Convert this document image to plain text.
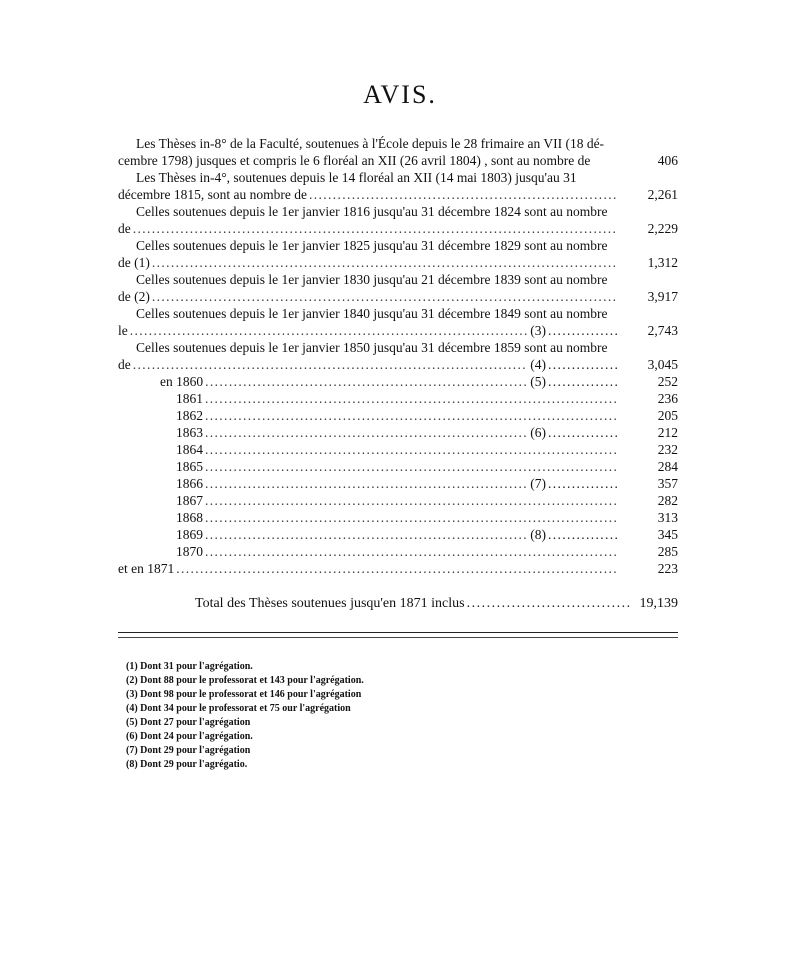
AVIS.
Les Thèses in-8° de la Faculté, soutenues à l'École depuis le 28 frimaire an VII (18 dé-
cembre 1798) jusques et compris le 6 floréal an XII (26 avril 1804) , sont au nombre de	406
Les Thèses in-4°, soutenues depuis le 14 floréal an XII (14 mai 1803) jusqu'au 31
décembre 1815, sont au nombre de . . .	2,261
Celles soutenues depuis le 1er janvier 1816 jusqu'au 31 décembre 1824 sont au nombre
de . . .	2,229
Celles soutenues depuis le 1er janvier 1825 jusqu'au 31 décembre 1829 sont au nombre
de (1) . . .	1,312
Celles soutenues depuis le 1er janvier 1830 jusqu'au 21 décembre 1839 sont au nombre
de (2) . . .	3,917
Celles soutenues depuis le 1er janvier 1840 jusqu'au 31 décembre 1849 sont au nombre
le . . .	(3) . . .	2,743
Celles soutenues depuis le 1er janvier 1850 jusqu'au 31 décembre 1859 sont au nombre
de . . .	(4) . . .	3,045
en 1860 . . .	(5) . . .	252
1861 . . .	236
1862 . . .	205
1863 . . .	(6) . . .	212
1864 . . .	232
1865 . . .	284
1866 . . .	(7) . . .	357
1867 . . .	282
1868 . . .	313
1869 . . .	(8) . . .	345
1870 . . .	285
et en 1871 . . .	223
Total des Thèses soutenues jusqu'en 1871 inclus . . .	19,139
(1) Dont 31 pour l'agrégation.
(2) Dont 88 pour le professorat et 143 pour l'agrégation.
(3) Dont 98 pour le professorat et 146 pour l'agrégation
(4) Dont 34 pour le professorat et 75 our l'agrégation
(5) Dont 27 pour l'agrégation
(6) Dont 24 pour l'agrégation.
(7) Dont 29 pour l'agrégation
(8) Dont 29 pour l'agrégatio.
